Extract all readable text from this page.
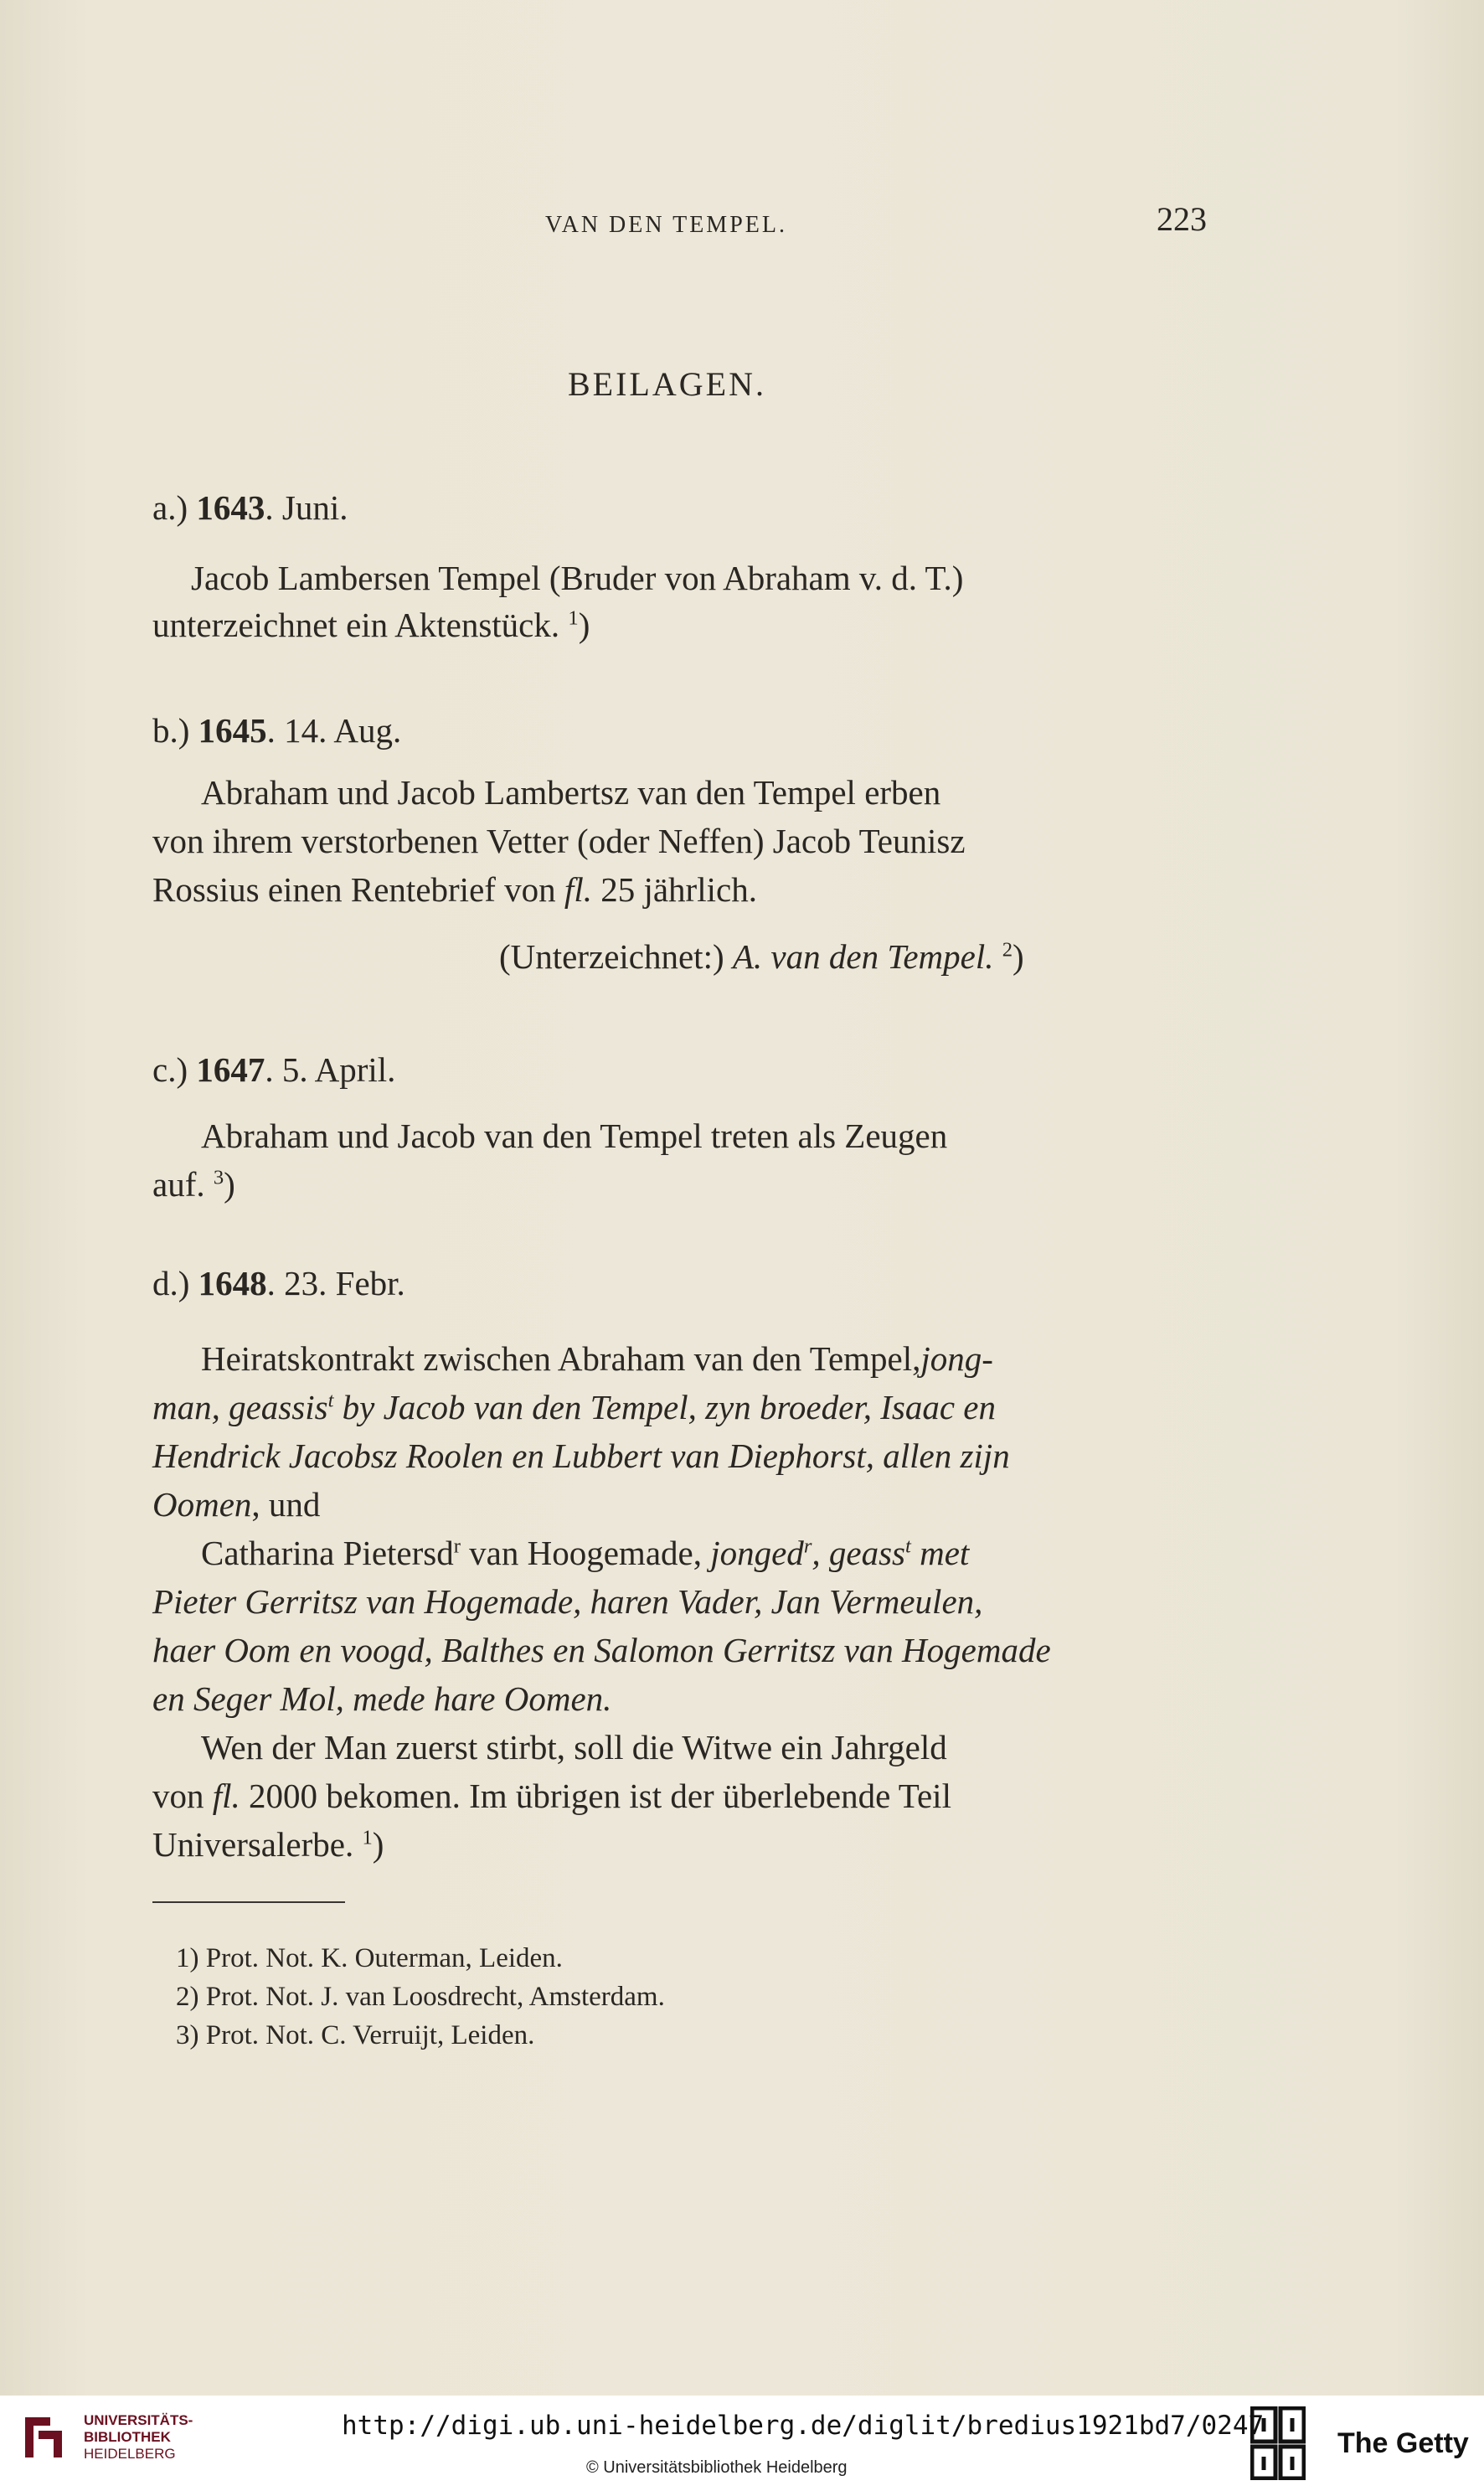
VAN DEN TEMPEL.	223
BEILAGEN.
a.) 1643. Juni.
Jacob Lambersen Tempel (Bruder von Abraham v. d. T.)
unterzeichnet ein Aktenstück. $^1$)
b.) 1645. 14. Aug.
Abraham und Jacob Lambertsz van den Tempel erben
von ihrem verstorbenen Vetter (oder Neffen) Jacob Teunisz
Rossius einen Rentebrief von fl. 25 jährlich.
(Unterzeichnet:) A. van den Tempel. $^2$)
c.) 1647. 5. April.
Abraham und Jacob van den Tempel treten als Zeugen
auf. $^3$)
d.) 1648. 23. Febr.
Heiratskontrakt zwischen Abraham van den Tempel,jong-
man, geassis$^t$ by Jacob van den Tempel, zyn broeder, Isaac en
Hendrick Jacobsz Roolen en Lubbert van Diephorst, allen zijn
Oomen, und
Catharina Pietersd$^r$ van Hoogemade, jonged$^r$, geass$^t$ met
Pieter Gerritsz van Hogemade, haren Vader, Jan Vermeulen,
haer Oom en voogd, Balthes en Salomon Gerritsz van Hogemade
en Seger Mol, mede hare Oomen.
Wen der Man zuerst stirbt, soll die Witwe ein Jahrgeld
von fl. 2000 bekomen. Im übrigen ist der überlebende Teil
Universalerbe. $^1$)
1) Prot. Not. K. Outerman, Leiden.
2) Prot. Not. J. van Loosdrecht, Amsterdam.
3) Prot. Not. C. Verruijt, Leiden.
UNIVERSITÄTS-
BIBLIOTHEK
HEIDELBERG
http://digi.ub.uni-heidelberg.de/diglit/bredius1921bd7/0247
© Universitätsbibliothek Heidelberg
The Getty
